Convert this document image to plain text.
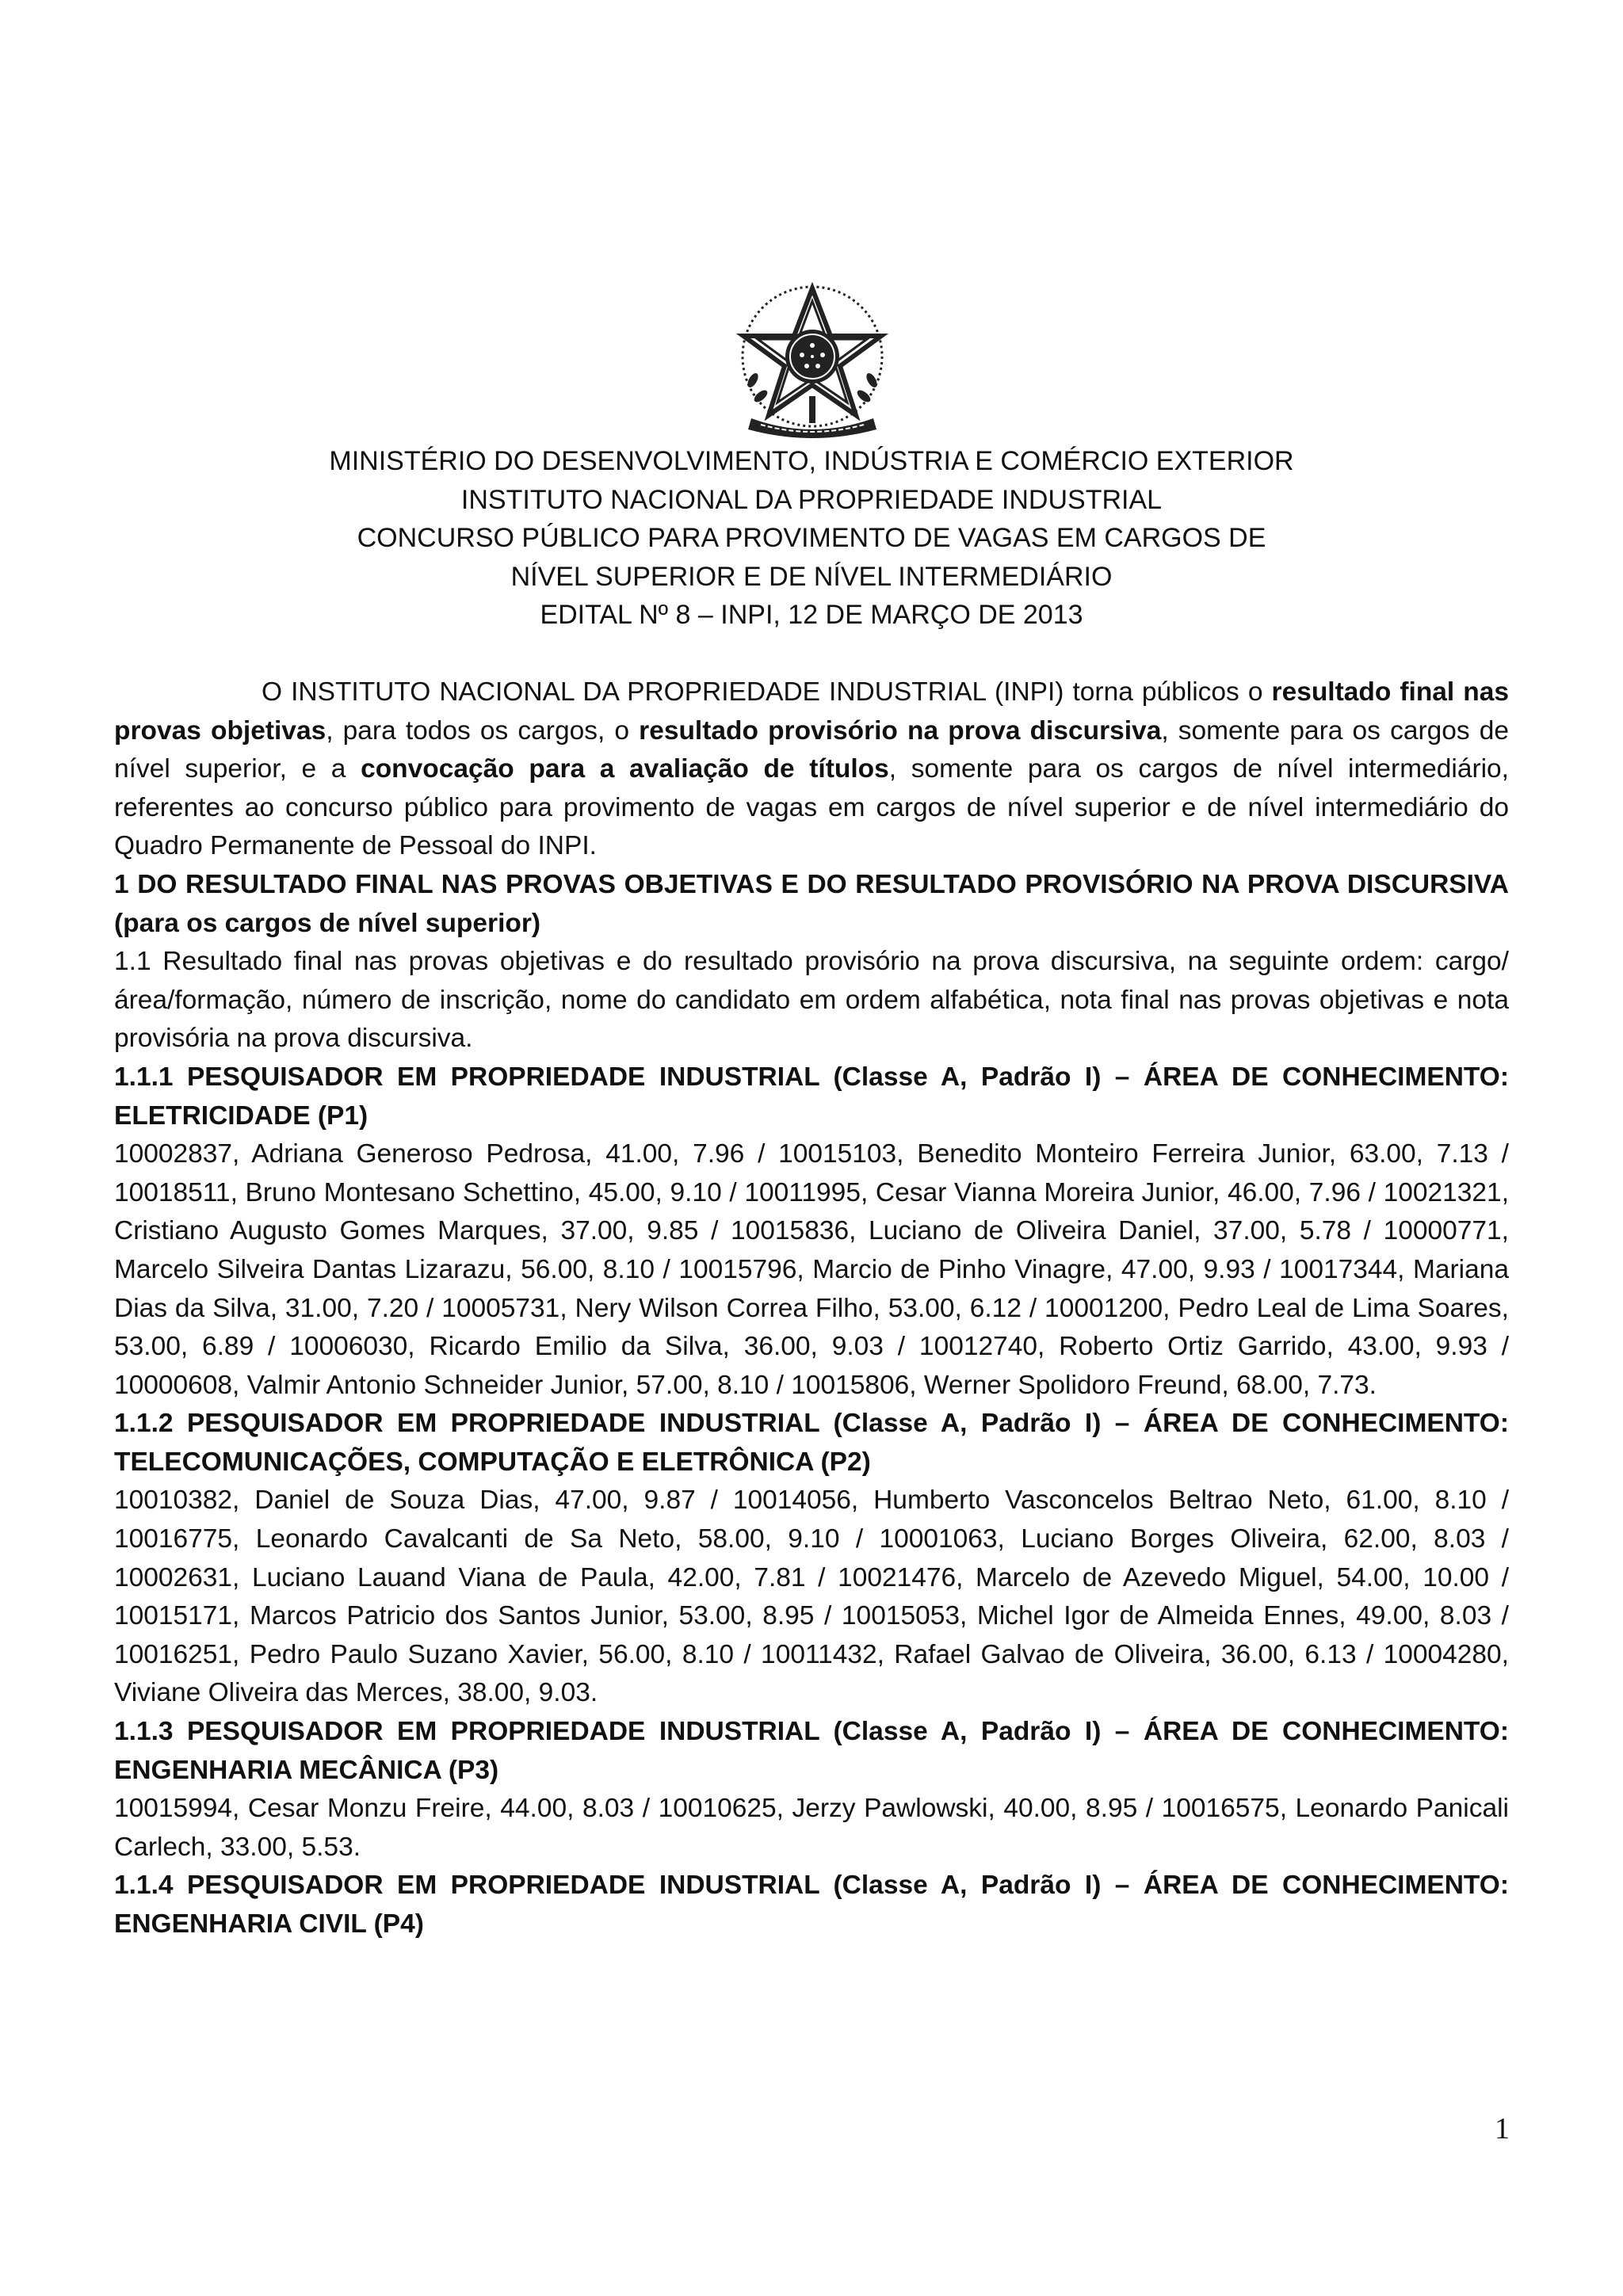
MINISTÉRIO DO DESENVOLVIMENTO, INDÚSTRIA E COMÉRCIO EXTERIOR
INSTITUTO NACIONAL DA PROPRIEDADE INDUSTRIAL
CONCURSO PÚBLICO PARA PROVIMENTO DE VAGAS EM CARGOS DE
NÍVEL SUPERIOR E DE NÍVEL INTERMEDIÁRIO
EDITAL Nº 8 – INPI, 12 DE MARÇO DE 2013

O INSTITUTO NACIONAL DA PROPRIEDADE INDUSTRIAL (INPI) torna públicos o resultado final nas provas objetivas, para todos os cargos, o resultado provisório na prova discursiva, somente para os cargos de nível superior, e a convocação para a avaliação de títulos, somente para os cargos de nível intermediário, referentes ao concurso público para provimento de vagas em cargos de nível superior e de nível intermediário do Quadro Permanente de Pessoal do INPI.

1 DO RESULTADO FINAL NAS PROVAS OBJETIVAS E DO RESULTADO PROVISÓRIO NA PROVA DISCURSIVA (para os cargos de nível superior)

1.1 Resultado final nas provas objetivas e do resultado provisório na prova discursiva, na seguinte ordem: cargo/área/formação, número de inscrição, nome do candidato em ordem alfabética, nota final nas provas objetivas e nota provisória na prova discursiva.

1.1.1 PESQUISADOR EM PROPRIEDADE INDUSTRIAL (Classe A, Padrão I) – ÁREA DE CONHECIMENTO: ELETRICIDADE (P1)

10002837, Adriana Generoso Pedrosa, 41.00, 7.96 / 10015103, Benedito Monteiro Ferreira Junior, 63.00, 7.13 / 10018511, Bruno Montesano Schettino, 45.00, 9.10 / 10011995, Cesar Vianna Moreira Junior, 46.00, 7.96 / 10021321, Cristiano Augusto Gomes Marques, 37.00, 9.85 / 10015836, Luciano de Oliveira Daniel, 37.00, 5.78 / 10000771, Marcelo Silveira Dantas Lizarazu, 56.00, 8.10 / 10015796, Marcio de Pinho Vinagre, 47.00, 9.93 / 10017344, Mariana Dias da Silva, 31.00, 7.20 / 10005731, Nery Wilson Correa Filho, 53.00, 6.12 / 10001200, Pedro Leal de Lima Soares, 53.00, 6.89 / 10006030, Ricardo Emilio da Silva, 36.00, 9.03 / 10012740, Roberto Ortiz Garrido, 43.00, 9.93 / 10000608, Valmir Antonio Schneider Junior, 57.00, 8.10 / 10015806, Werner Spolidoro Freund, 68.00, 7.73.

1.1.2 PESQUISADOR EM PROPRIEDADE INDUSTRIAL (Classe A, Padrão I) – ÁREA DE CONHECIMENTO: TELECOMUNICAÇÕES, COMPUTAÇÃO E ELETRÔNICA (P2)

10010382, Daniel de Souza Dias, 47.00, 9.87 / 10014056, Humberto Vasconcelos Beltrao Neto, 61.00, 8.10 / 10016775, Leonardo Cavalcanti de Sa Neto, 58.00, 9.10 / 10001063, Luciano Borges Oliveira, 62.00, 8.03 / 10002631, Luciano Lauand Viana de Paula, 42.00, 7.81 / 10021476, Marcelo de Azevedo Miguel, 54.00, 10.00 / 10015171, Marcos Patricio dos Santos Junior, 53.00, 8.95 / 10015053, Michel Igor de Almeida Ennes, 49.00, 8.03 / 10016251, Pedro Paulo Suzano Xavier, 56.00, 8.10 / 10011432, Rafael Galvao de Oliveira, 36.00, 6.13 / 10004280, Viviane Oliveira das Merces, 38.00, 9.03.

1.1.3 PESQUISADOR EM PROPRIEDADE INDUSTRIAL (Classe A, Padrão I) – ÁREA DE CONHECIMENTO: ENGENHARIA MECÂNICA (P3)

10015994, Cesar Monzu Freire, 44.00, 8.03 / 10010625, Jerzy Pawlowski, 40.00, 8.95 / 10016575, Leonardo Panicali Carlech, 33.00, 5.53.

1.1.4 PESQUISADOR EM PROPRIEDADE INDUSTRIAL (Classe A, Padrão I) – ÁREA DE CONHECIMENTO: ENGENHARIA CIVIL (P4)

1
